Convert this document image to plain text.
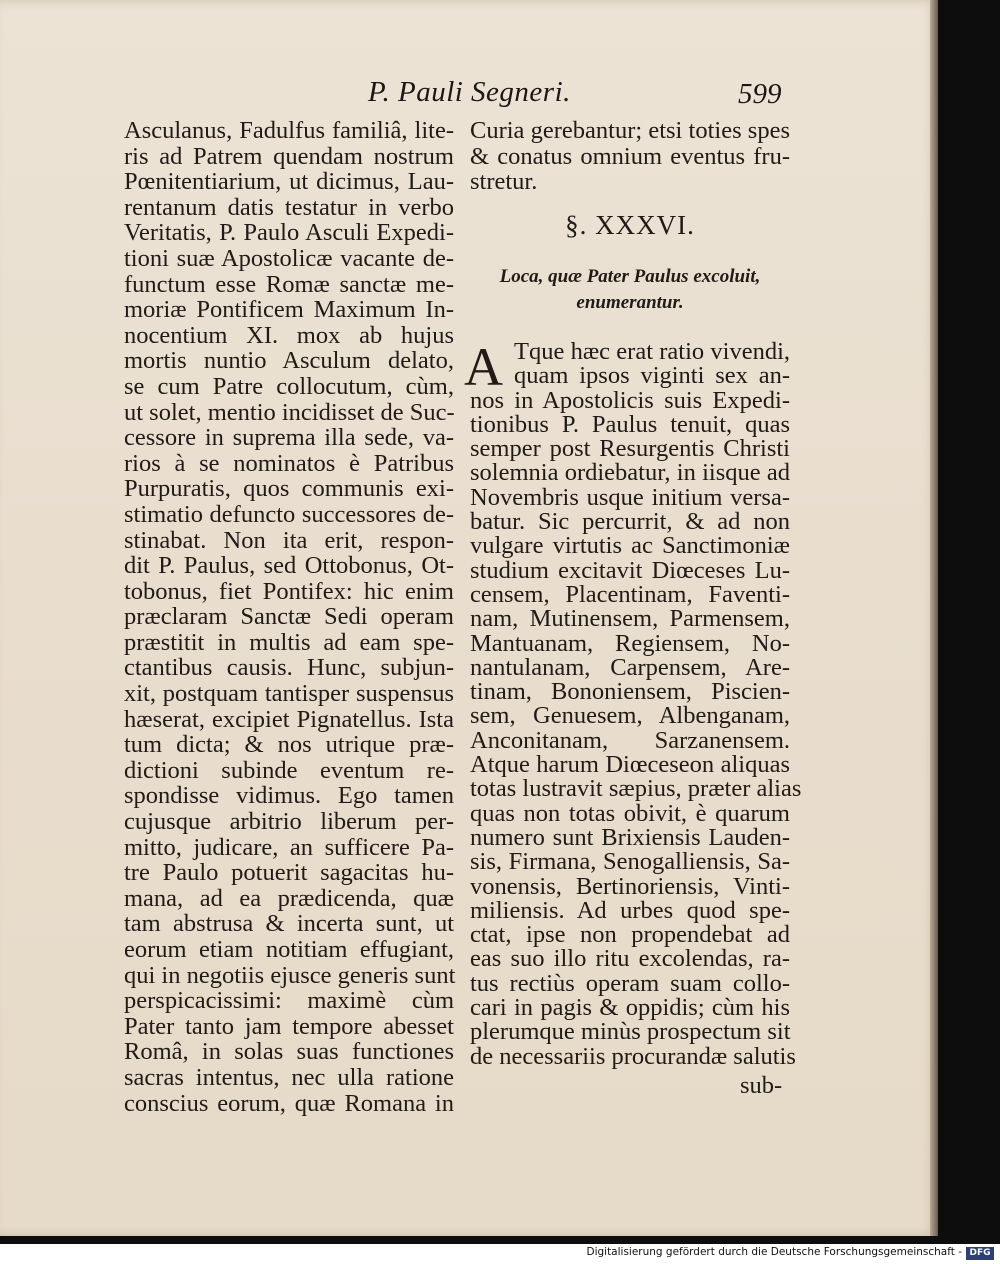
P. Pauli Segneri.	599
Asculanus, Fadulfus familiâ, lite-
ris ad Patrem quendam nostrum
Pœnitentiarium, ut dicimus, Lau-
rentanum datis testatur in verbo
Veritatis, P. Paulo Asculi Expedi-
tioni suæ Apostolicæ vacante de-
functum esse Romæ sanctæ me-
moriæ Pontificem Maximum In-
nocentium XI. mox ab hujus
mortis nuntio Asculum delato,
se cum Patre collocutum, cùm,
ut solet, mentio incidisset de Suc-
cessore in suprema illa sede, va-
rios à se nominatos è Patribus
Purpuratis, quos communis exi-
stimatio defuncto successores de-
stinabat. Non ita erit, respon-
dit P. Paulus, sed Ottobonus, Ot-
tobonus, fiet Pontifex: hic enim
præclaram Sanctæ Sedi operam
præstitit in multis ad eam spe-
ctantibus causis. Hunc, subjun-
xit, postquam tantisper suspensus
hæserat, excipiet Pignatellus. Ista
tum dicta; & nos utrique præ-
dictioni subinde eventum re-
spondisse vidimus. Ego tamen
cujusque arbitrio liberum per-
mitto, judicare, an sufficere Pa-
tre Paulo potuerit sagacitas hu-
mana, ad ea prædicenda, quæ
tam abstrusa & incerta sunt, ut
eorum etiam notitiam effugiant,
qui in negotiis ejusce generis sunt
perspicacissimi: maximè cùm
Pater tanto jam tempore abesset
Româ, in solas suas functiones
sacras intentus, nec ulla ratione
conscius eorum, quæ Romana in
Curia gerebantur; etsi toties spes
& conatus omnium eventus fru-
stretur.
§. XXXVI.
Loca, quæ Pater Paulus excoluit,
enumerantur.
A Tque hæc erat ratio vivendi,
quam ipsos viginti sex an-
nos in Apostolicis suis Expedi-
tionibus P. Paulus tenuit, quas
semper post Resurgentis Christi
solemnia ordiebatur, in iisque ad
Novembris usque initium versa-
batur. Sic percurrit, & ad non
vulgare virtutis ac Sanctimoniæ
studium excitavit Diœceses Lu-
censem, Placentinam, Faventi-
nam, Mutinensem, Parmensem,
Mantuanam, Regiensem, No-
nantulanam, Carpensem, Are-
tinam, Bononiensem, Piscien-
sem, Genuesem, Albenganam,
Anconitanam, Sarzanensem.
Atque harum Diœceseon aliquas
totas lustravit sæpius, præter alias
quas non totas obivit, è quarum
numero sunt Brixiensis Lauden-
sis, Firmana, Senogalliensis, Sa-
vonensis, Bertinoriensis, Vinti-
miliensis. Ad urbes quod spe-
ctat, ipse non propendebat ad
eas suo illo ritu excolendas, ra-
tus rectiùs operam suam collo-
cari in pagis & oppidis; cùm his
plerumque minùs prospectum sit
de necessariis procurandæ salutis
sub-
Digitalisierung gefördert durch die Deutsche Forschungsgemeinschaft - DFG
